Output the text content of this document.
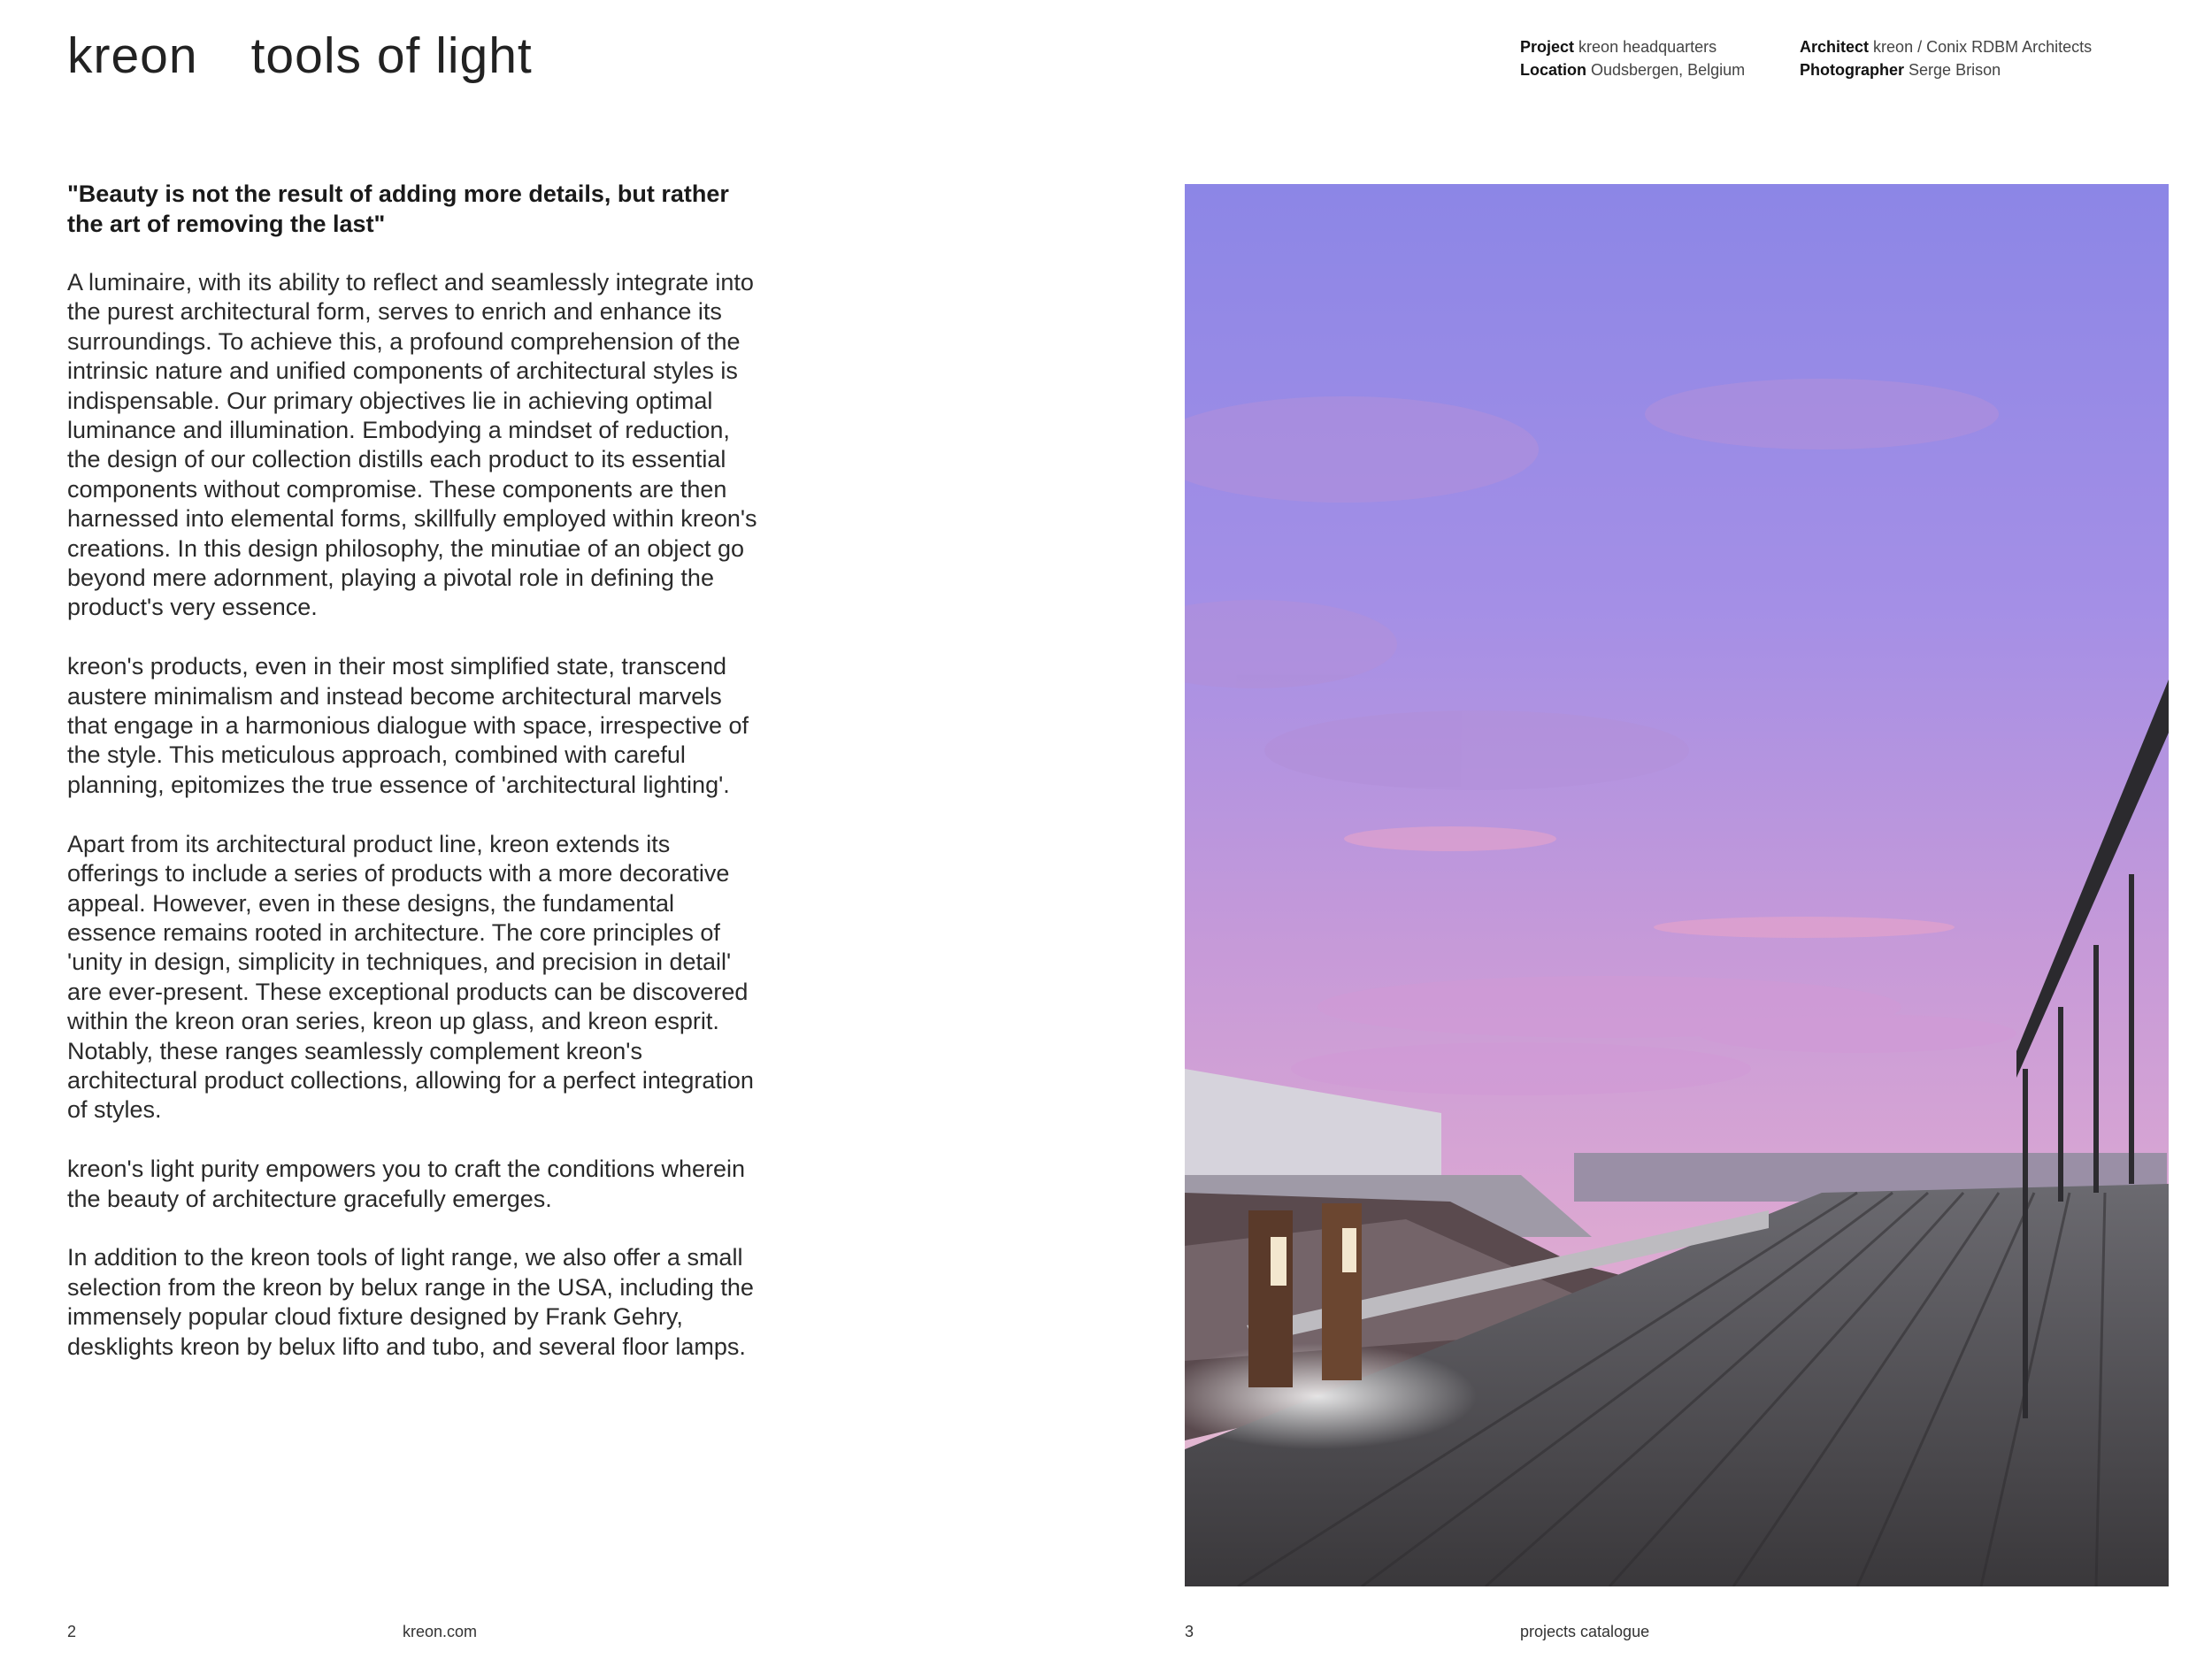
kreon tools of light	Project kreon headquarters
Location Oudsbergen, Belgium
Architect kreon / Conix RDBM Architects
Photographer Serge Brison

"Beauty is not the result of adding more details, but rather the art of removing the last"

A luminaire, with its ability to reflect and seamlessly integrate into the purest architectural form, serves to enrich and enhance its surroundings. To achieve this, a profound comprehension of the intrinsic nature and unified components of architectural styles is indispensable. Our primary objectives lie in achieving optimal luminance and illumination. Embodying a mindset of reduction, the design of our collection distills each product to its essential components without compromise. These components are then harnessed into elemental forms, skillfully employed within kreon's creations. In this design philosophy, the minutiae of an object go beyond mere adornment, playing a pivotal role in defining the product's very essence.

kreon's products, even in their most simplified state, transcend austere minimalism and instead become architectural marvels that engage in a harmonious dialogue with space, irrespective of the style. This meticulous approach, combined with careful planning, epitomizes the true essence of 'architectural lighting'.

Apart from its architectural product line, kreon extends its offerings to include a series of products with a more decorative appeal. However, even in these designs, the fundamental essence remains rooted in architecture. The core principles of 'unity in design, simplicity in techniques, and precision in detail' are ever-present. These exceptional products can be discovered within the kreon oran series, kreon up glass, and kreon esprit. Notably, these ranges seamlessly complement kreon's architectural product collections, allowing for a perfect integration of styles.

kreon's light purity empowers you to craft the conditions wherein the beauty of architecture gracefully emerges.

In addition to the kreon tools of light range, we also offer a small selection from the kreon by belux range in the USA, including the immensely popular cloud fixture designed by Frank Gehry, desklights kreon by belux lifto and tubo, and several floor lamps.

2	kreon.com	3	projects catalogue
